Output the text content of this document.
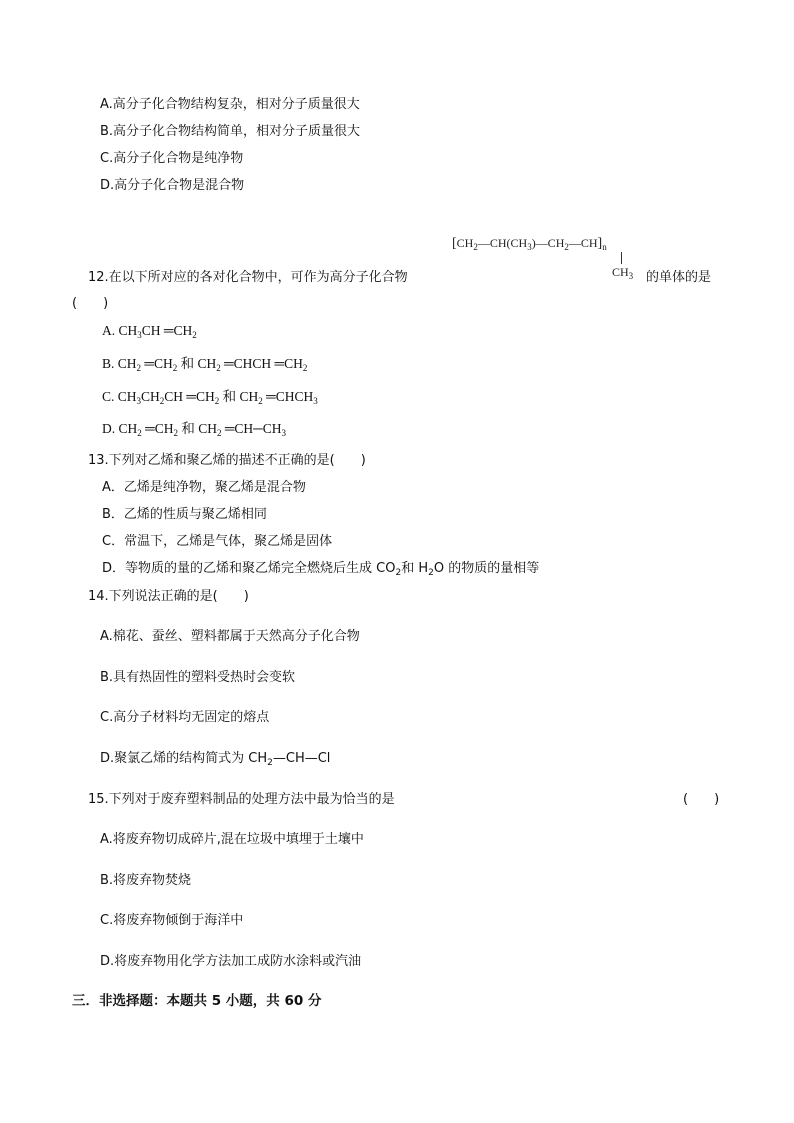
A.高分子化合物结构复杂，相对分子质量很大
B.高分子化合物结构简单，相对分子质量很大
C.高分子化合物是纯净物
D.高分子化合物是混合物
$[CH_2—CH(CH_3)—CH_2—CH]_n$
$CH_3$
12.在以下所对应的各对化合物中，可作为高分子化合物	的单体的是
(　　)
A. $CH_3CH$ $═CH_2$
B. $CH_2$ $═CH_2$ 和 $CH_2$ ═CHCH $═CH_2$
C. $CH_3CH_2CH$ $═CH_2$ 和 $CH_2$ $═CHCH_3$
D. $CH_2$ $═CH_2$ 和 $CH_2$ $═CH─CH_3$
13.下列对乙烯和聚乙烯的描述不正确的是(　　)
A．乙烯是纯净物，聚乙烯是混合物
B．乙烯的性质与聚乙烯相同
C．常温下，乙烯是气体，聚乙烯是固体
D．等物质的量的乙烯和聚乙烯完全燃烧后生成 $CO_2$和 $H_2O$ 的物质的量相等
14.下列说法正确的是(　　)
A.棉花、蚕丝、塑料都属于天然高分子化合物
B.具有热固性的塑料受热时会变软
C.高分子材料均无固定的熔点
D.聚氯乙烯的结构简式为 $CH_2—CH—Cl$
15.下列对于废弃塑料制品的处理方法中最为恰当的是	(　　)
A.将废弃物切成碎片,混在垃圾中填埋于土壤中
B.将废弃物焚烧
C.将废弃物倾倒于海洋中
D.将废弃物用化学方法加工成防水涂料或汽油
三．非选择题：本题共 5 小题，共 60 分
